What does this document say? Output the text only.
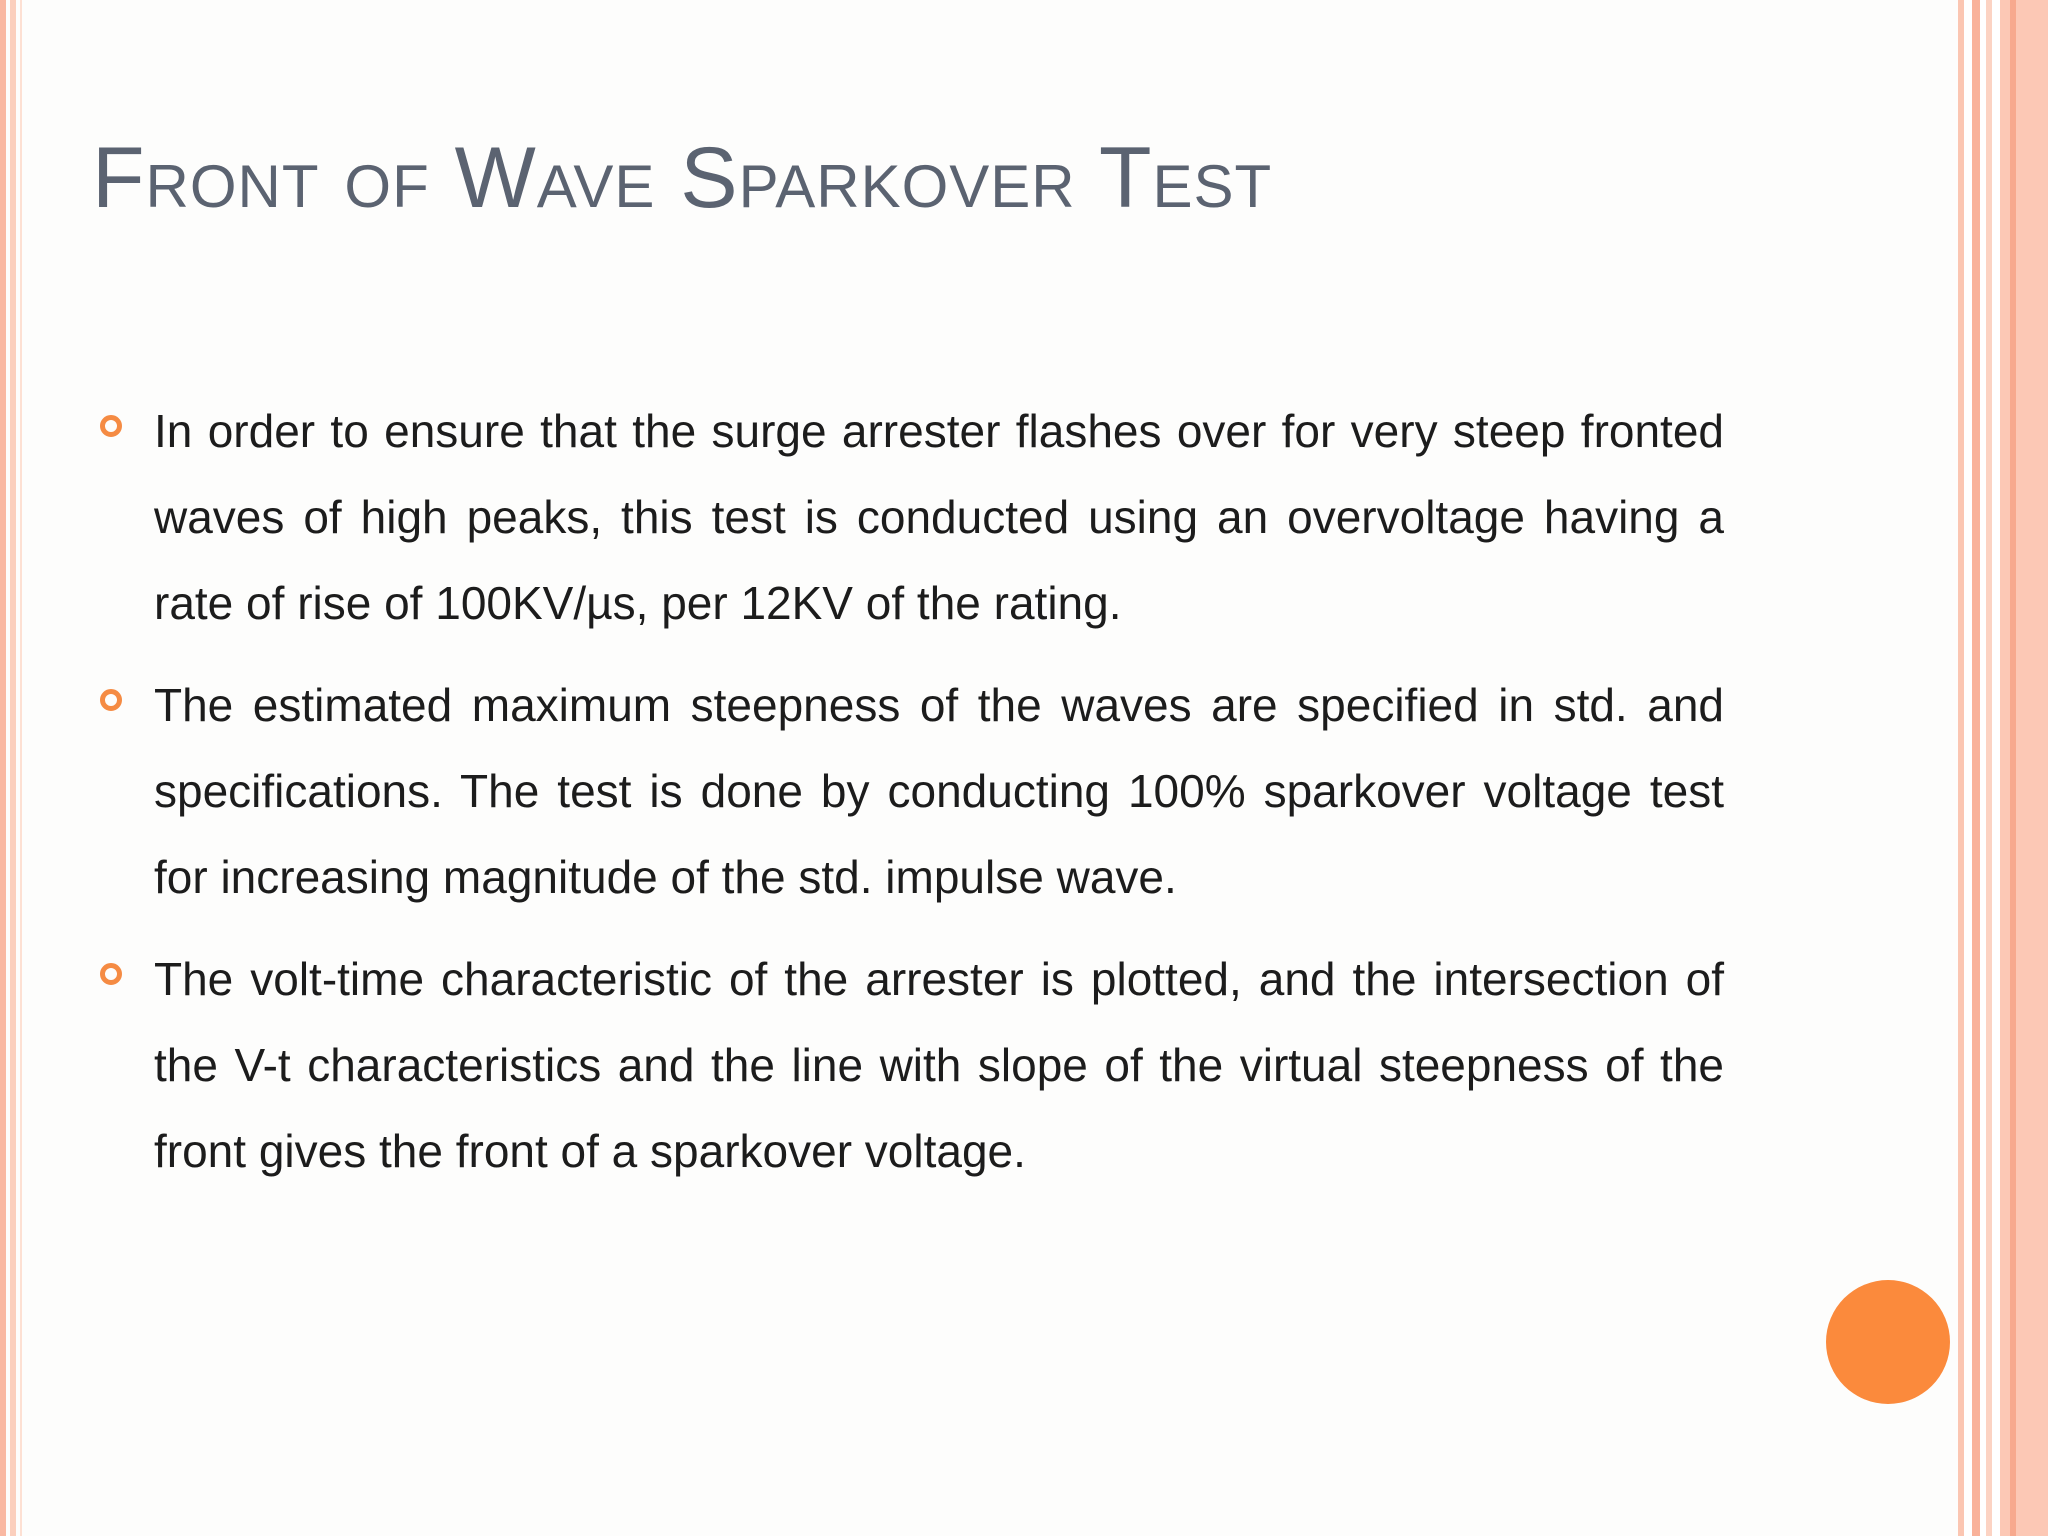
Front of Wave Sparkover Test
In order to ensure that the surge arrester flashes over for very steep fronted waves of high peaks, this test is conducted using an overvoltage having a rate of rise of 100KV/µs, per 12KV of the rating.
The estimated maximum steepness of the waves are specified in std. and specifications. The test is done by conducting 100% sparkover voltage test for increasing magnitude of the std. impulse wave.
The volt-time characteristic of the arrester is plotted, and the intersection of the V-t characteristics and the line with slope of the virtual steepness of the front gives the front of a sparkover voltage.
